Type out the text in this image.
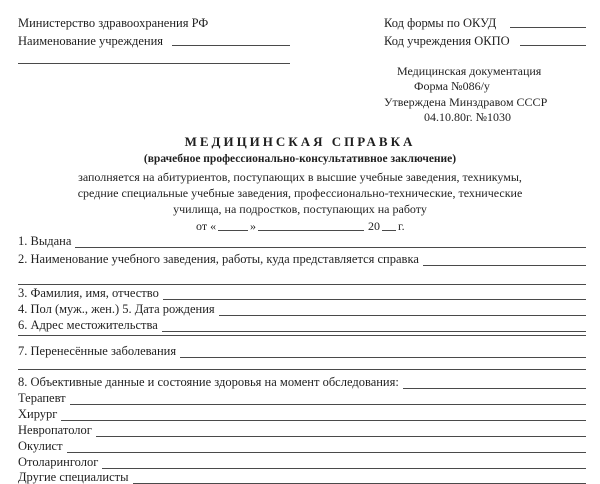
Министерство здравоохранения РФ
Наименование учреждения
Код формы по ОКУД
Код учреждения ОКПО
Медицинская документация
Форма №086/у
Утверждена Минздравом СССР
04.10.80г. №1030
МЕДИЦИНСКАЯ СПРАВКА
(врачебное профессионально-консультативное заключение)
заполняется на абитуриентов, поступающих в высшие учебные заведения, техникумы,
средние специальные учебные заведения, профессионально-технические, технические
училища, на подростков, поступающих на работу
от «	»	20 г.
1. Выдана
2. Наименование учебного заведения, работы, куда представляется справка
3. Фамилия, имя, отчество
4. Пол (муж., жен.) 5. Дата рождения
6. Адрес местожительства
7. Перенесённые заболевания
8. Объективные данные и состояние здоровья на момент обследования:
Терапевт
Хирург
Невропатолог
Окулист
Отоларинголог
Другие специалисты
